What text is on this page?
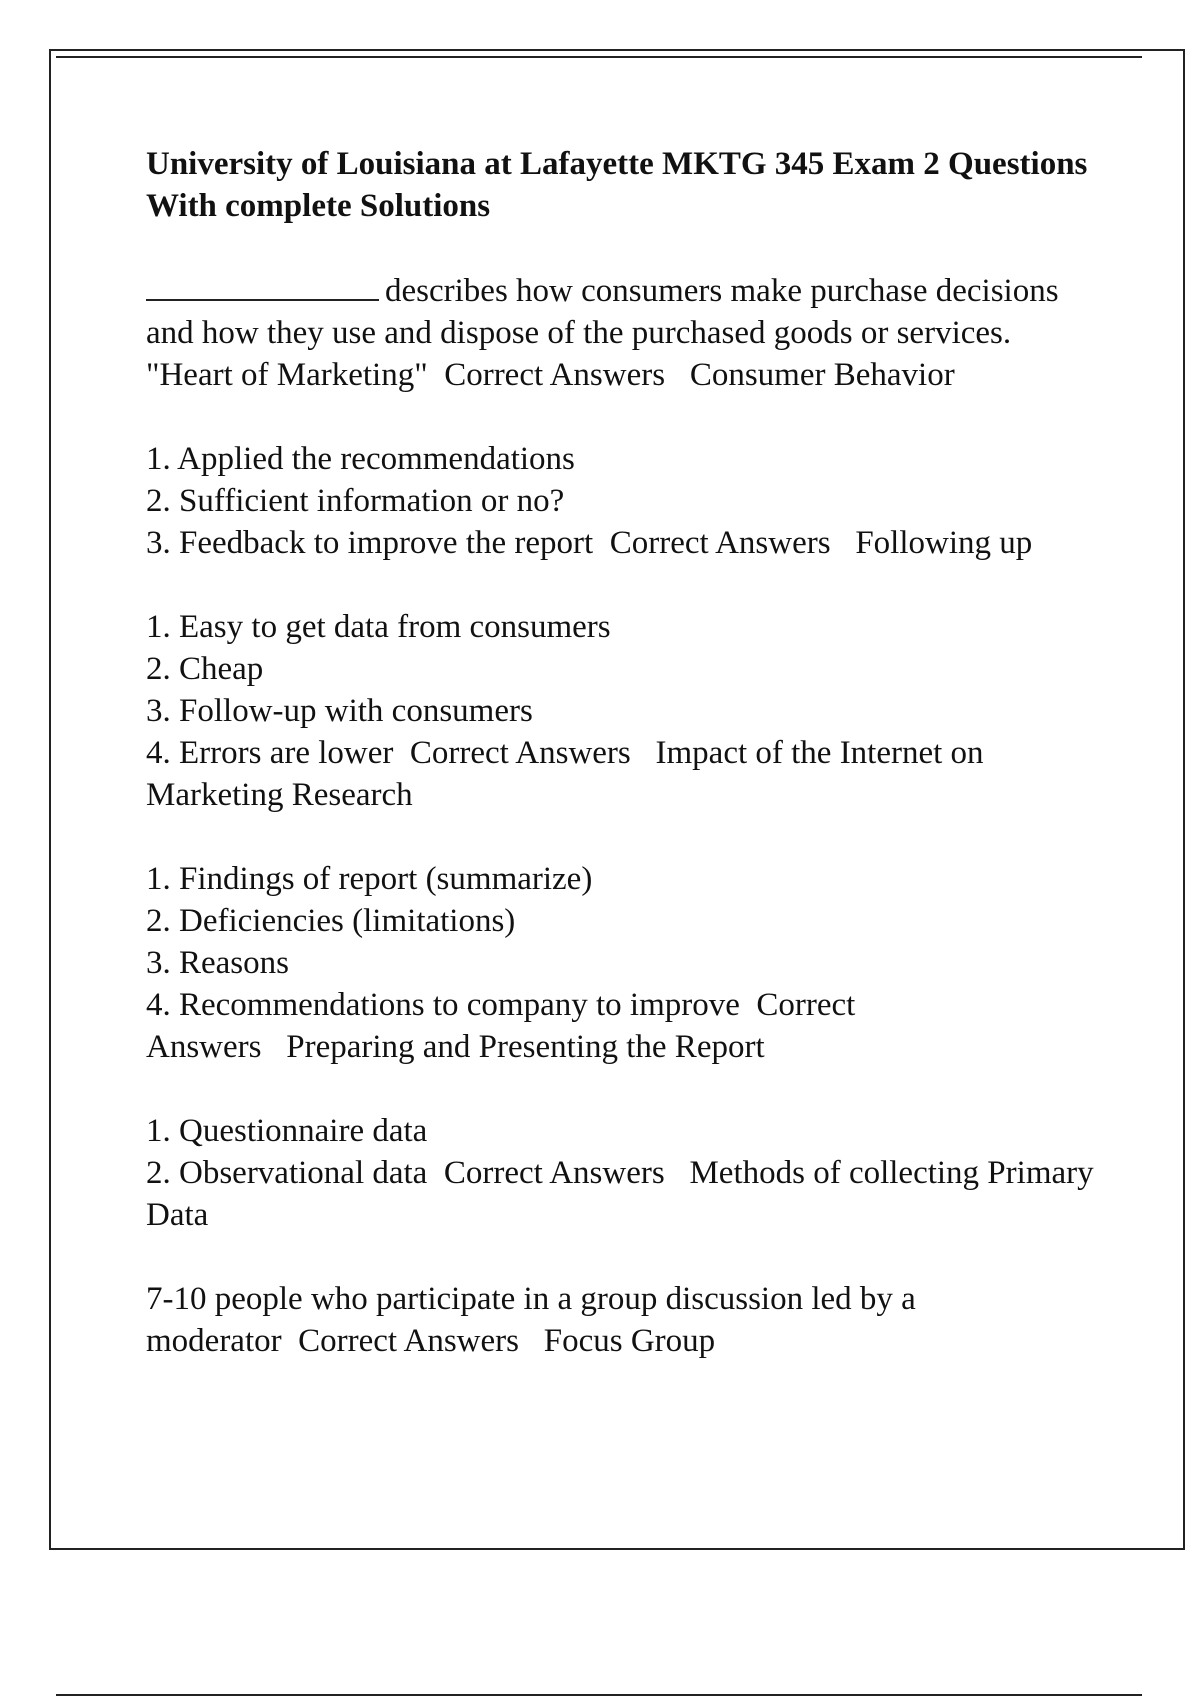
University of Louisiana at Lafayette MKTG 345 Exam 2 Questions With complete Solutions
describes how consumers make purchase decisions and how they use and dispose of the purchased goods or services. "Heart of Marketing" Correct Answers Consumer Behavior
1. Applied the recommendations
2. Sufficient information or no?
3. Feedback to improve the report Correct Answers Following up
1. Easy to get data from consumers
2. Cheap
3. Follow-up with consumers
4. Errors are lower Correct Answers Impact of the Internet on Marketing Research
1. Findings of report (summarize)
2. Deficiencies (limitations)
3. Reasons
4. Recommendations to company to improve Correct Answers Preparing and Presenting the Report
1. Questionnaire data
2. Observational data Correct Answers Methods of collecting Primary Data
7-10 people who participate in a group discussion led by a moderator Correct Answers Focus Group
